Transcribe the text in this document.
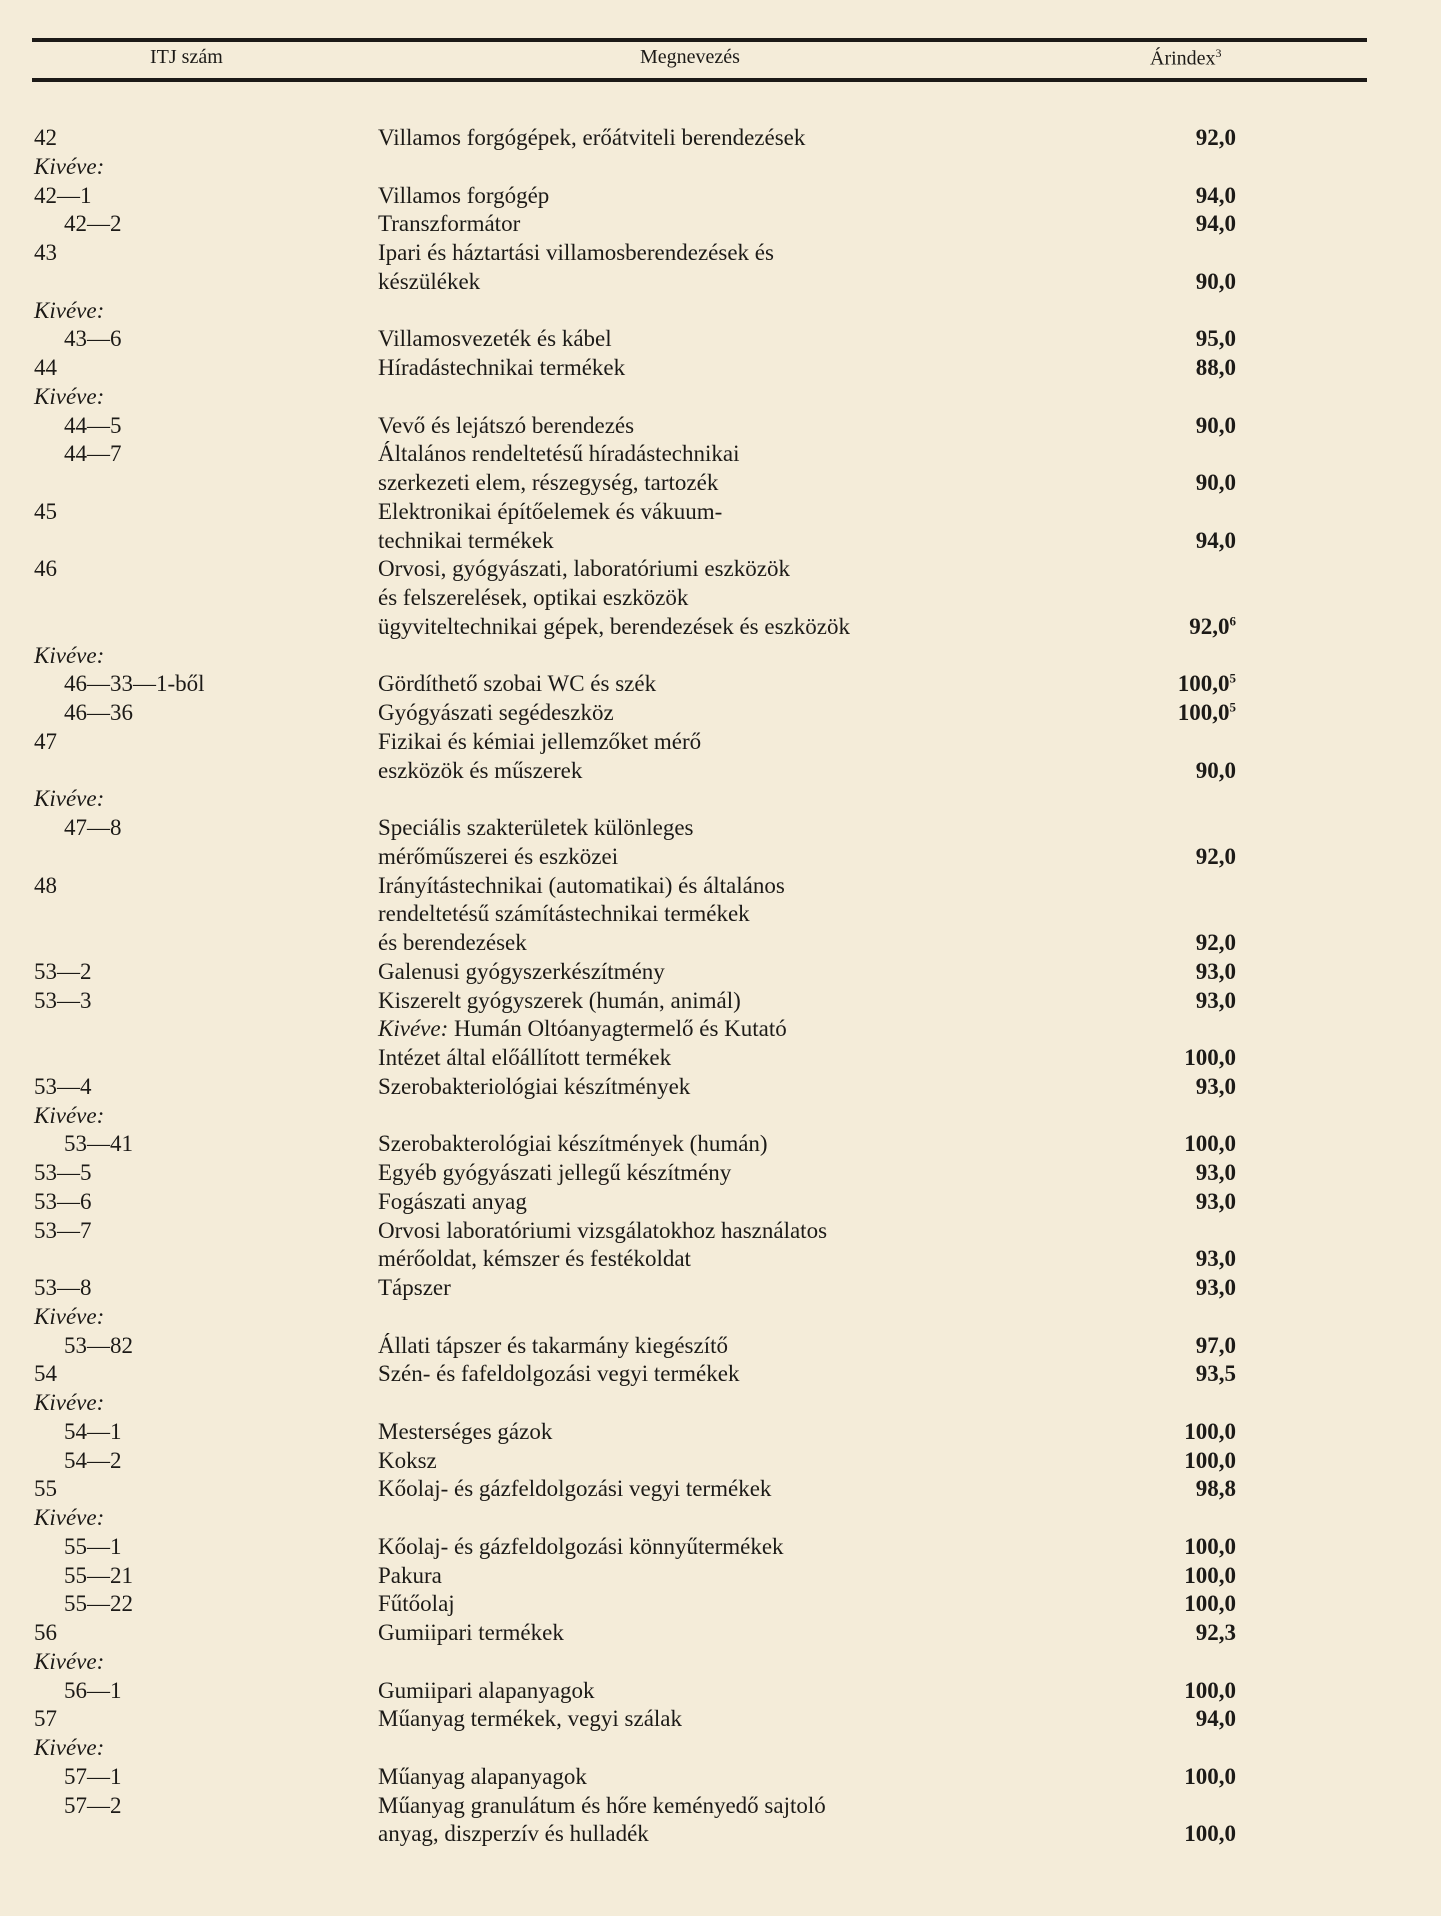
ITJ szám	Megnevezés	Árindex$^3$
42	Villamos forgógépek, erőátviteli berendezések	92,0
Kivéve:
42—1	Villamos forgógép	94,0
42—2	Transzformátor	94,0
43	Ipari és háztartási villamosberendezések és
készülékek	90,0
Kivéve:
43—6	Villamosvezeték és kábel	95,0
44	Híradástechnikai termékek	88,0
Kivéve:
44—5	Vevő és lejátszó berendezés	90,0
44—7	Általános rendeltetésű híradástechnikai
szerkezeti elem, részegység, tartozék	90,0
45	Elektronikai építőelemek és vákuum-
technikai termékek	94,0
46	Orvosi, gyógyászati, laboratóriumi eszközök
és felszerelések, optikai eszközök
ügyviteltechnikai gépek, berendezések és eszközök	92,0$^6$
Kivéve:
46—33—1-ből	Gördíthető szobai WC és szék	100,0$^5$
46—36	Gyógyászati segédeszköz	100,0$^5$
47	Fizikai és kémiai jellemzőket mérő
eszközök és műszerek	90,0
Kivéve:
47—8	Speciális szakterületek különleges
mérőműszerei és eszközei	92,0
48	Irányítástechnikai (automatikai) és általános
rendeltetésű számítástechnikai termékek
és berendezések	92,0
53—2	Galenusi gyógyszerkészítmény	93,0
53—3	Kiszerelt gyógyszerek (humán, animál)	93,0
Kivéve: Humán Oltóanyagtermelő és Kutató
Intézet által előállított termékek	100,0
53—4	Szerobakteriológiai készítmények	93,0
Kivéve:
53—41	Szerobakterológiai készítmények (humán)	100,0
53—5	Egyéb gyógyászati jellegű készítmény	93,0
53—6	Fogászati anyag	93,0
53—7	Orvosi laboratóriumi vizsgálatokhoz használatos
mérőoldat, kémszer és festékoldat	93,0
53—8	Tápszer	93,0
Kivéve:
53—82	Állati tápszer és takarmány kiegészítő	97,0
54	Szén- és fafeldolgozási vegyi termékek	93,5
Kivéve:
54—1	Mesterséges gázok	100,0
54—2	Koksz	100,0
55	Kőolaj- és gázfeldolgozási vegyi termékek	98,8
Kivéve:
55—1	Kőolaj- és gázfeldolgozási könnyűtermékek	100,0
55—21	Pakura	100,0
55—22	Fűtőolaj	100,0
56	Gumiipari termékek	92,3
Kivéve:
56—1	Gumiipari alapanyagok	100,0
57	Műanyag termékek, vegyi szálak	94,0
Kivéve:
57—1	Műanyag alapanyagok	100,0
57—2	Műanyag granulátum és hőre keményedő sajtoló
anyag, diszperzív és hulladék	100,0
